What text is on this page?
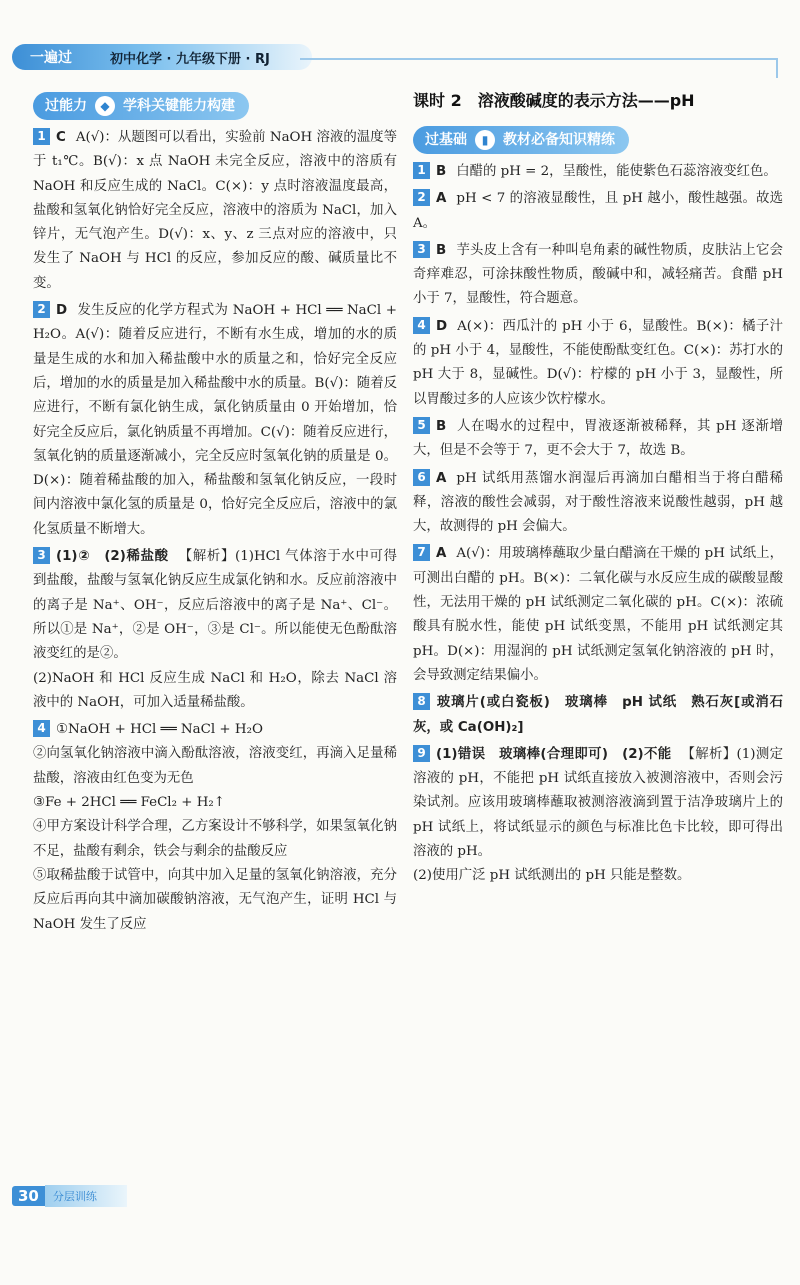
一遍过	初中化学 · 九年级下册 · RJ
过能力	◆ 学科关键能力构建

1 C A(√)：从题图可以看出，实验前 NaOH 溶液的温度等于 t₁℃。B(√)：x 点 NaOH 未完全反应，溶液中的溶质有 NaOH 和反应生成的 NaCl。C(×)：y 点时溶液温度最高，盐酸和氢氧化钠恰好完全反应，溶液中的溶质为 NaCl，加入锌片，无气泡产生。D(√)：x、y、z 三点对应的溶液中，只发生了 NaOH 与 HCl 的反应，参加反应的酸、碱质量比不变。

2 D 发生反应的化学方程式为 NaOH + HCl ══ NaCl + H₂O。A(√)：随着反应进行，不断有水生成，增加的水的质量是生成的水和加入稀盐酸中水的质量之和，恰好完全反应后，增加的水的质量是加入稀盐酸中水的质量。B(√)：随着反应进行，不断有氯化钠生成，氯化钠质量由 0 开始增加，恰好完全反应后，氯化钠质量不再增加。C(√)：随着反应进行，氢氧化钠的质量逐渐减小，完全反应时氢氧化钠的质量是 0。D(×)：随着稀盐酸的加入，稀盐酸和氢氧化钠反应，一段时间内溶液中氯化氢的质量是 0，恰好完全反应后，溶液中的氯化氢质量不断增大。

3 (1)②　(2)稀盐酸 【解析】(1)HCl 气体溶于水中可得到盐酸，盐酸与氢氧化钠反应生成氯化钠和水。反应前溶液中的离子是 Na⁺、OH⁻，反应后溶液中的离子是 Na⁺、Cl⁻。所以①是 Na⁺，②是 OH⁻，③是 Cl⁻。所以能使无色酚酞溶液变红的是②。

(2)NaOH 和 HCl 反应生成 NaCl 和 H₂O，除去 NaCl 溶液中的 NaOH，可加入适量稀盐酸。

4 ①NaOH + HCl ══ NaCl + H₂O

②向氢氧化钠溶液中滴入酚酞溶液，溶液变红，再滴入足量稀盐酸，溶液由红色变为无色

③Fe + 2HCl ══ FeCl₂ + H₂↑

④甲方案设计科学合理，乙方案设计不够科学，如果氢氧化钠不足，盐酸有剩余，铁会与剩余的盐酸反应

⑤取稀盐酸于试管中，向其中加入足量的氢氧化钠溶液，充分反应后再向其中滴加碳酸钠溶液，无气泡产生，证明 HCl 与 NaOH 发生了反应

课时 2　溶液酸碱度的表示方法——pH
过基础	▮	教材必备知识精练

1 B 白醋的 pH = 2，呈酸性，能使紫色石蕊溶液变红色。

2 A pH < 7 的溶液显酸性，且 pH 越小，酸性越强。故选 A。

3 B 芋头皮上含有一种叫皂角素的碱性物质，皮肤沾上它会奇痒难忍，可涂抹酸性物质，酸碱中和，减轻痛苦。食醋 pH 小于 7，显酸性，符合题意。

4 D A(×)：西瓜汁的 pH 小于 6，显酸性。B(×)：橘子汁的 pH 小于 4，显酸性，不能使酚酞变红色。C(×)：苏打水的 pH 大于 8，显碱性。D(√)：柠檬的 pH 小于 3，显酸性，所以胃酸过多的人应该少饮柠檬水。

5 B 人在喝水的过程中，胃液逐渐被稀释，其 pH 逐渐增大，但是不会等于 7，更不会大于 7，故选 B。

6 A pH 试纸用蒸馏水润湿后再滴加白醋相当于将白醋稀释，溶液的酸性会减弱，对于酸性溶液来说酸性越弱，pH 越大，故测得的 pH 会偏大。

7 A A(√)：用玻璃棒蘸取少量白醋滴在干燥的 pH 试纸上，可测出白醋的 pH。B(×)：二氧化碳与水反应生成的碳酸显酸性，无法用干燥的 pH 试纸测定二氧化碳的 pH。C(×)：浓硫酸具有脱水性，能使 pH 试纸变黑，不能用 pH 试纸测定其 pH。D(×)：用湿润的 pH 试纸测定氢氧化钠溶液的 pH 时，会导致测定结果偏小。

8 玻璃片(或白瓷板)　玻璃棒　pH 试纸　熟石灰[或消石灰，或 Ca(OH)₂]

9 (1)错误　玻璃棒(合理即可)　(2)不能 【解析】(1)测定溶液的 pH，不能把 pH 试纸直接放入被测溶液中，否则会污染试剂。应该用玻璃棒蘸取被测溶液滴到置于洁净玻璃片上的 pH 试纸上，将试纸显示的颜色与标准比色卡比较，即可得出溶液的 pH。

(2)使用广泛 pH 试纸测出的 pH 只能是整数。

30	分层训练
